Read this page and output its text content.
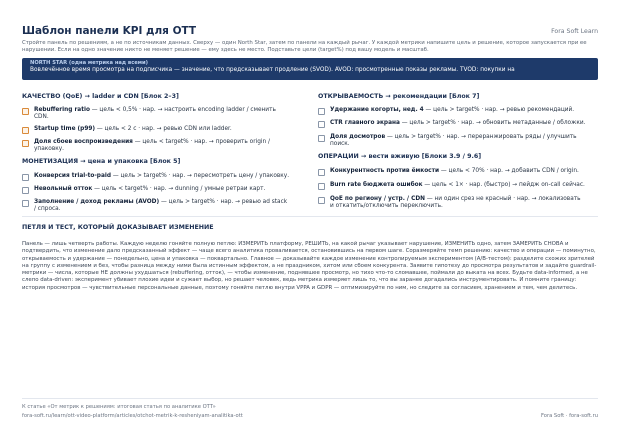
Шаблон панели KPI для OTT	Fora Soft Learn
Стройте панель по решениям, а не по источникам данных. Сверху — один North Star, затем по панели на каждый рычаг. У каждой метрики напишите цель и решение, которое запускается при ее нарушении. Если на одно значение никто не меняет решение — ему здесь не место. Подставьте цели (target%) под вашу модель и масштаб.
NORTH STAR (одна метрика над всеми)
Вовлечённое время просмотра на подписчика — значение, что предсказывает продление (SVOD). AVOD: просмотренные показы рекламы. TVOD: покупки на
КАЧЕСТВО (QoE) → ladder и CDN [Блок 2–3]
Rebuffering ratio — цель < 0,5% · нар. → настроить encoding ladder / сменить
CDN.
Startup time (p99) — цель < 2 с · нар. → ревью CDN или ladder.
Доля сбоев воспроизведения — цель < target% · нар. → проверить origin /
упаковку.
МОНЕТИЗАЦИЯ → цена и упаковка [Блок 5]
Конверсия trial-to-paid — цель > target% · нар. → пересмотреть цену / упаковку.
Невольный отток — цель < target% · нар. → dunning / умные ретраи карт.
Заполнение / доход рекламы (AVOD) — цель > target% · нар. → ревью ad stack
/ спроса.
ОТКРЫВАЕМОСТЬ → рекомендации [Блок 7]
Удержание когорты, нед. 4 — цель > target% · нар. → ревью рекомендаций.
CTR главного экрана — цель > target% · нар. → обновить метаданные / обложки.
Доля досмотров — цель > target% · нар. → переранжировать ряды / улучшить
поиск.
ОПЕРАЦИИ → вести вживую [Блоки 3.9 / 9.6]
Конкурентность против ёмкости — цель < 70% · нар. → добавить CDN / origin.
Burn rate бюджета ошибок — цель < 1× · нар. (быстро) → пейдж on-call сейчас.
QoE по региону / устр. / CDN — ни один срез не красный · нар. → локализовать
и откатить/отключить переключить.
ПЕТЛЯ И ТЕСТ, КОТОРЫЙ ДОКАЗЫВАЕТ ИЗМЕНЕНИЕ
Панель — лишь четверть работы. Каждую неделю гоняйте полную петлю: ИЗМЕРИТЬ платформу, РЕШИТЬ, на какой рычаг указывает нарушение, ИЗМЕНИТЬ одно, затем ЗАМЕРИТЬ СНОВА и подтвердить, что изменение дало предсказанный эффект — чаще всего аналитика проваливается, остановившись на первом шаге. Соразмеряйте темп решению: качество и операции — поминутно, открываемость и удержание — понедельно, цена и упаковка — поквартально. Главное — доказывайте каждое изменение контролируемым экспериментом (A/B-тестом): разделите схожих зрителей на группу с изменением и без, чтобы разница между ними была истинным эффектом, а не праздником, хитом или сбоем конкурента. Заявите гипотезу до просмотра результатов и задайте guardrail-метрики — числа, которые НЕ должны ухудшаться (rebuffering, отток), — чтобы изменение, поднявшее просмотр, но тихо что-то сломавшее, поймали до выката на всех. Будьте data-informed, а не слепо data-driven: эксперимент убивает плохие идеи и сужает выбор, но решает человек, ведь метрика измеряет лишь то, что вы заранее догадались инструментировать. И помните границу: история просмотров — чувствительные персональные данные, поэтому гоняйте петлю внутри VPPA и GDPR — оптимизируйте по ним, но следите за согласием, хранением и тем, чем делитесь.
К статье «От метрик к решениям: итоговая статья по аналитике OTT»
fora-soft.ru/learn/ott-video-platform/articles/otchot-metrik-k-resheniyam-analitika-ott	Fora Soft · fora-soft.ru
